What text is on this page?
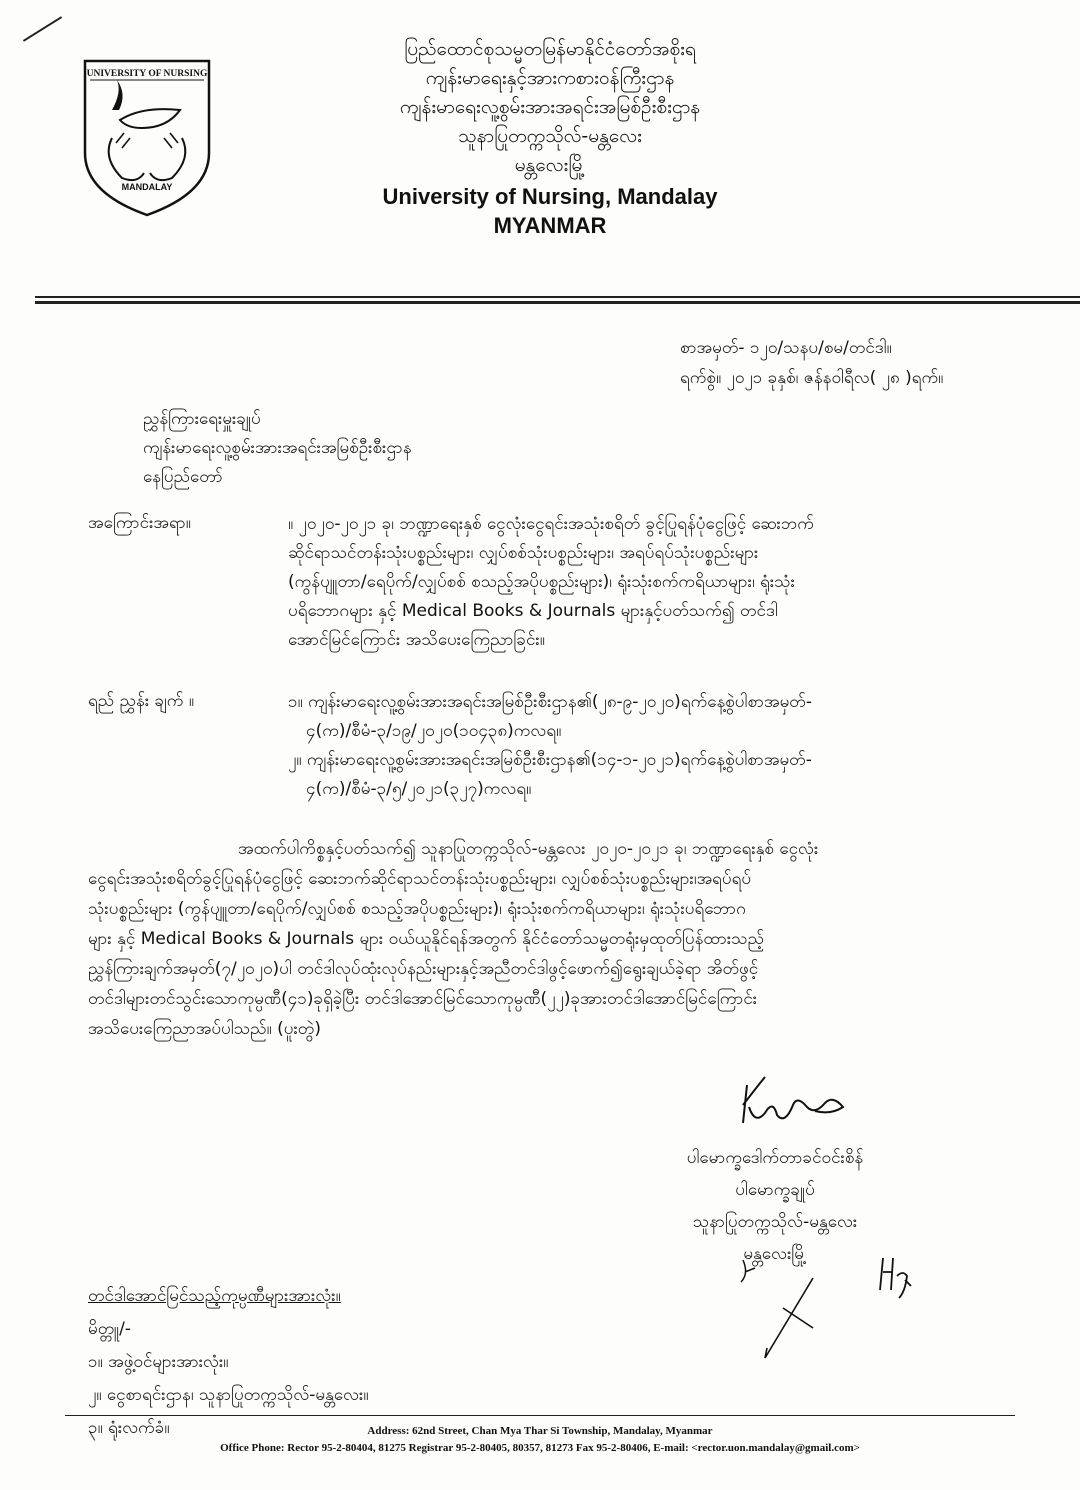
UNIVERSITY OF NURSING
MANDALAY
ပြည်ထောင်စုသမ္မတမြန်မာနိုင်ငံတော်အစိုးရ
ကျန်းမာရေးနှင့်အားကစားဝန်ကြီးဌာန
ကျန်းမာရေးလူ့စွမ်းအားအရင်းအမြစ်ဦးစီးဌာန
သူနာပြုတက္ကသိုလ်-မန္တလေး
မန္တလေးမြို့
University of Nursing, Mandalay
MYANMAR
စာအမှတ်- ၁၂၀/သနပ/စမ/တင်ဒါ။
ရက်စွဲ။ ၂၀၂၁ ခုနှစ်၊ ဇန်နဝါရီလ( ၂၈ )ရက်။
ညွှန်ကြားရေးမှူးချုပ်
ကျန်းမာရေးလူ့စွမ်းအားအရင်းအမြစ်ဦးစီးဌာန
နေပြည်တော်
အကြောင်းအရာ။	။ ၂၀၂၀-၂၀၂၁ ခု၊ ဘဏ္ဍာရေးနှစ် ငွေလုံးငွေရင်းအသုံးစရိတ် ခွင့်ပြုရန်ပုံငွေဖြင့် ဆေးဘက်
ဆိုင်ရာသင်တန်းသုံးပစ္စည်းများ၊ လျှပ်စစ်သုံးပစ္စည်းများ၊ အရပ်ရပ်သုံးပစ္စည်းများ
(ကွန်ပျူတာ/ရေပိုက်/လျှပ်စစ် စသည့်အပိုပစ္စည်းများ)၊ ရုံးသုံးစက်ကရိယာများ၊ ရုံးသုံး
ပရိဘောဂများ နှင့် Medical Books & Journals များနှင့်ပတ်သက်၍ တင်ဒါ
အောင်မြင်ကြောင်း အသိပေးကြေညာခြင်း။
ရည် ညွှန်း ချက် ။	၁။ ကျန်းမာရေးလူ့စွမ်းအားအရင်းအမြစ်ဦးစီးဌာန၏(၂၈-၉-၂၀၂၀)ရက်နေ့စွဲပါစာအမှတ်-
၄(က)/စီမံ-၃/၁၉/၂၀၂၀(၁၀၄၃၈)ကလရ။
၂။ ကျန်းမာရေးလူ့စွမ်းအားအရင်းအမြစ်ဦးစီးဌာန၏(၁၄-၁-၂၀၂၁)ရက်နေ့စွဲပါစာအမှတ်-
၄(က)/စီမံ-၃/၅/၂၀၂၁(၃၂၇)ကလရ။
အထက်ပါကိစ္စနှင့်ပတ်သက်၍ သူနာပြုတက္ကသိုလ်-မန္တလေး ၂၀၂၀-၂၀၂၁ ခု၊ ဘဏ္ဍာရေးနှစ် ငွေလုံး
ငွေရင်းအသုံးစရိတ်ခွင့်ပြုရန်ပုံငွေဖြင့် ဆေးဘက်ဆိုင်ရာသင်တန်းသုံးပစ္စည်းများ၊ လျှပ်စစ်သုံးပစ္စည်းများ၊အရပ်ရပ်
သုံးပစ္စည်းများ (ကွန်ပျူတာ/ရေပိုက်/လျှပ်စစ် စသည့်အပိုပစ္စည်းများ)၊ ရုံးသုံးစက်ကရိယာများ၊ ရုံးသုံးပရိဘောဂ
များ နှင့် Medical Books & Journals များ ဝယ်ယူနိုင်ရန်အတွက် နိုင်ငံတော်သမ္မတရုံးမှထုတ်ပြန်ထားသည့်
ညွှန်ကြားချက်အမှတ်(၇/၂၀၂၀)ပါ တင်ဒါလုပ်ထုံးလုပ်နည်းများနှင့်အညီတင်ဒါဖွင့်ဖောက်၍ရွေးချယ်ခဲ့ရာ အိတ်ဖွင့်
တင်ဒါများတင်သွင်းသောကုမ္ပဏီ(၄၁)ခုရှိခဲ့ပြီး တင်ဒါအောင်မြင်သောကုမ္ပဏီ(၂၂)ခုအားတင်ဒါအောင်မြင်ကြောင်း
အသိပေးကြေညာအပ်ပါသည်။ (ပူးတွဲ)
ပါမောက္ခဒေါက်တာခင်ဝင်းစိန်
ပါမောက္ခချုပ်
သူနာပြုတက္ကသိုလ်-မန္တလေး
မန္တလေးမြို့
တင်ဒါအောင်မြင်သည့်ကုမ္ပဏီများအားလုံး။
မိတ္တူ/-
၁။ အဖွဲ့ဝင်များအားလုံး။
၂။ ငွေစာရင်းဌာန၊ သူနာပြုတက္ကသိုလ်-မန္တလေး။
၃။ ရုံးလက်ခံ။	Address: 62nd Street, Chan Mya Thar Si Township, Mandalay, Myanmar
Office Phone: Rector 95-2-80404, 81275 Registrar 95-2-80405, 80357, 81273 Fax 95-2-80406, E-mail: <rector.uon.mandalay@gmail.com>
